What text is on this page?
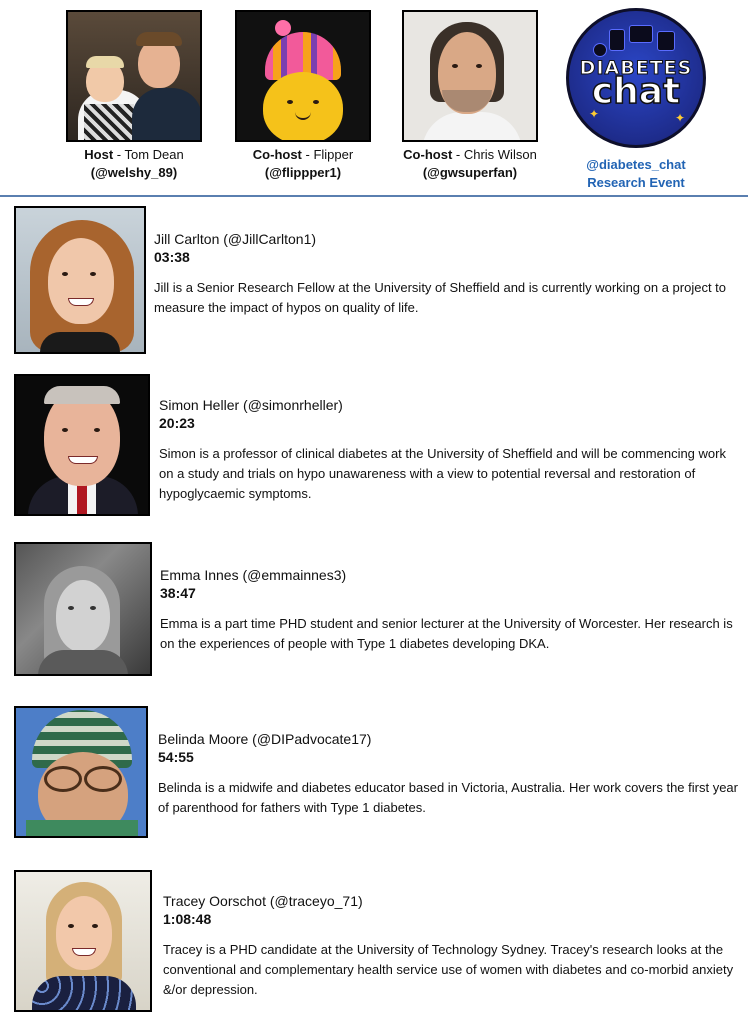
Host - Tom Dean
(@welshy_89)
Co-host - Flipper
(@flippper1)
Co-host - Chris Wilson
(@gwsuperfan)
✦	✦
DIABETES
chat
@diabetes_chat
Research Event
Jill Carlton (@JillCarlton1)
03:38
Jill is a Senior Research Fellow at the University of Sheffield and is currently working on a project to measure the impact of hypos on quality of life.
Simon Heller (@simonrheller)
20:23
Simon is a professor of clinical diabetes at the University of Sheffield and will be commencing work on a study and trials on hypo unawareness with a view to potential reversal and restoration of hypoglycaemic symptoms.
Emma Innes (@emmainnes3)
38:47
Emma is a part time PHD student and senior lecturer at the University of Worcester. Her research is on the experiences of people with Type 1 diabetes developing DKA.
Belinda Moore (@DIPadvocate17)
54:55
Belinda is a midwife and diabetes educator based in Victoria, Australia. Her work covers the first year of parenthood for fathers with Type 1 diabetes.
Tracey Oorschot (@traceyo_71)
1:08:48
Tracey is a PHD candidate at the University of Technology Sydney. Tracey's research looks at the conventional and complementary health service use of women with diabetes and co-morbid anxiety &/or depression.
